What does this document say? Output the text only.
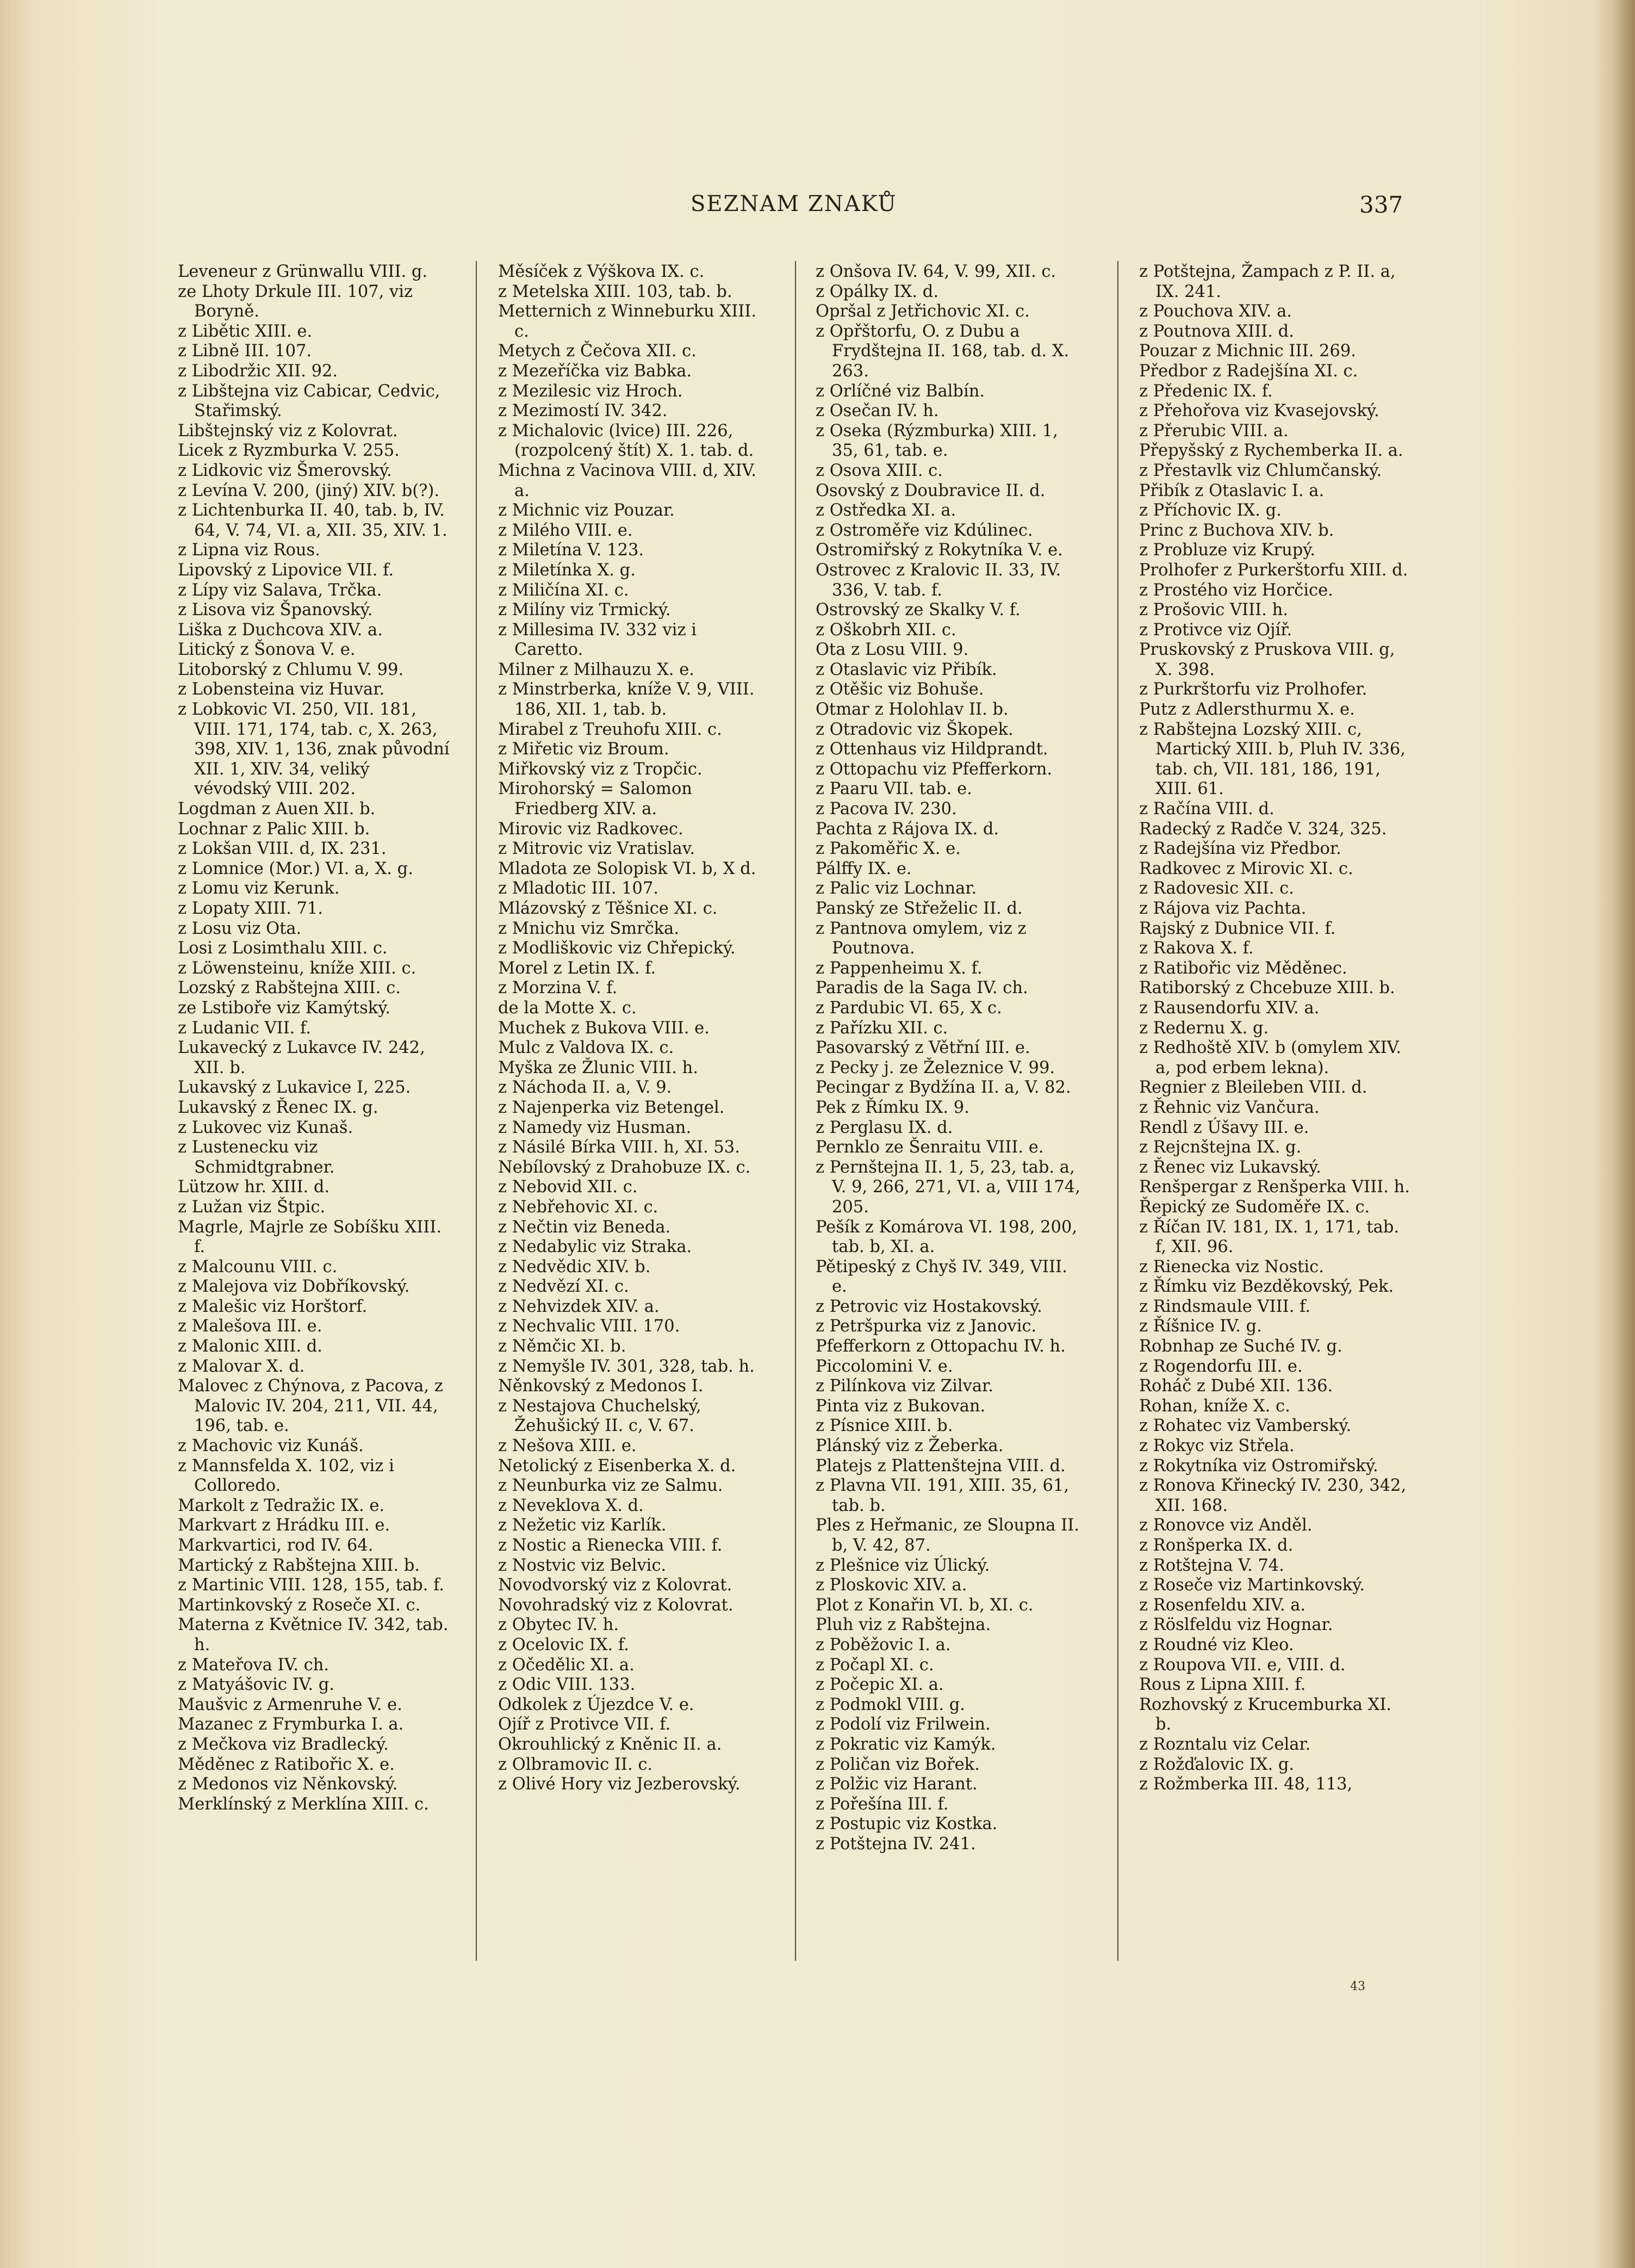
SEZNAM ZNAKŮ	337

Leveneur z Grünwallu VIII. g.

ze Lhoty Drkule III. 107, viz Boryně.

z Libětic XIII. e.

z Libně III. 107.

z Libodržic XII. 92.

z Libštejna viz Cabicar, Cedvic, Stařimský.

Libštejnský viz z Kolovrat.

Licek z Ryzmburka V. 255.

z Lidkovic viz Šmerovský.

z Levína V. 200, (jiný) XIV. b(?).

z Lichtenburka II. 40, tab. b, IV. 64, V. 74, VI. a, XII. 35, XIV. 1.

z Lipna viz Rous.

Lipovský z Lipovice VII. f.

z Lípy viz Salava, Trčka.

z Lisova viz Španovský.

Liška z Duchcova XIV. a.

Litický z Šonova V. e.

Litoborský z Chlumu V. 99.

z Lobensteina viz Huvar.

z Lobkovic VI. 250, VII. 181, VIII. 171, 174, tab. c, X. 263, 398, XIV. 1, 136, znak původní XII. 1, XIV. 34, veliký vévodský VIII. 202.

Logdman z Auen XII. b.

Lochnar z Palic XIII. b.

z Lokšan VIII. d, IX. 231.

z Lomnice (Mor.) VI. a, X. g.

z Lomu viz Kerunk.

z Lopaty XIII. 71.

z Losu viz Ota.

Losi z Losimthalu XIII. c.

z Löwensteinu, kníže XIII. c.

Lozský z Rabštejna XIII. c.

ze Lstiboře viz Kamýtský.

z Ludanic VII. f.

Lukavecký z Lukavce IV. 242, XII. b.

Lukavský z Lukavice I, 225.

Lukavský z Řenec IX. g.

z Lukovec viz Kunaš.

z Lustenecku viz Schmidtgrabner.

Lützow hr. XIII. d.

z Lužan viz Štpic.

Magrle, Majrle ze Sobíšku XIII. f.

z Malcounu VIII. c.

z Malejova viz Dobříkovský.

z Malešic viz Horštorf.

z Malešova III. e.

z Malonic XIII. d.

z Malovar X. d.

Malovec z Chýnova, z Pacova, z Malovic IV. 204, 211, VII. 44, 196, tab. e.

z Machovic viz Kunáš.

z Mannsfelda X. 102, viz i Colloredo.

Markolt z Tedražic IX. e.

Markvart z Hrádku III. e.

Markvartici, rod IV. 64.

Martický z Rabštejna XIII. b.

z Martinic VIII. 128, 155, tab. f.

Martinkovský z Roseče XI. c.

Materna z Květnice IV. 342, tab. h.

z Mateřova IV. ch.

z Matyášovic IV. g.

Maušvic z Armenruhe V. e.

Mazanec z Frymburka I. a.

z Mečkova viz Bradlecký.

Měděnec z Ratibořic X. e.

z Medonos viz Něnkovský.

Merklínský z Merklína XIII. c.

Měsíček z Výškova IX. c.

z Metelska XIII. 103, tab. b.

Metternich z Winneburku XIII. c.

Metych z Čečova XII. c.

z Mezeříčka viz Babka.

z Mezilesic viz Hroch.

z Mezimostí IV. 342.

z Michalovic (lvice) III. 226, (rozpolcený štít) X. 1. tab. d.

Michna z Vacinova VIII. d, XIV. a.

z Michnic viz Pouzar.

z Milého VIII. e.

z Miletína V. 123.

z Miletínka X. g.

z Miličína XI. c.

z Milíny viz Trmický.

z Millesima IV. 332 viz i Caretto.

Milner z Milhauzu X. e.

z Minstrberka, kníže V. 9, VIII. 186, XII. 1, tab. b.

Mirabel z Treuhofu XIII. c.

z Miřetic viz Broum.

Miřkovský viz z Tropčic.

Mirohorský = Salomon Friedberg XIV. a.

Mirovic viz Radkovec.

z Mitrovic viz Vratislav.

Mladota ze Solopisk VI. b, X d.

z Mladotic III. 107.

Mlázovský z Těšnice XI. c.

z Mnichu viz Smrčka.

z Modliškovic viz Chřepický.

Morel z Letin IX. f.

z Morzina V. f.

de la Motte X. c.

Muchek z Bukova VIII. e.

Mulc z Valdova IX. c.

Myška ze Žlunic VIII. h.

z Náchoda II. a, V. 9.

z Najenperka viz Betengel.

z Namedy viz Husman.

z Násilé Bírka VIII. h, XI. 53.

Nebílovský z Drahobuze IX. c.

z Nebovid XII. c.

z Nebřehovic XI. c.

z Nečtin viz Beneda.

z Nedabylic viz Straka.

z Nedvědic XIV. b.

z Nedvězí XI. c.

z Nehvizdek XIV. a.

z Nechvalic VIII. 170.

z Němčic XI. b.

z Nemyšle IV. 301, 328, tab. h.

Něnkovský z Medonos I.

z Nestajova Chuchelský, Žehušický II. c, V. 67.

z Nešova XIII. e.

Netolický z Eisenberka X. d.

z Neunburka viz ze Salmu.

z Neveklova X. d.

z Nežetic viz Karlík.

z Nostic a Rienecka VIII. f.

z Nostvic viz Belvic.

Novodvorský viz z Kolovrat.

Novohradský viz z Kolovrat.

z Obytec IV. h.

z Ocelovic IX. f.

z Očedělic XI. a.

z Odic VIII. 133.

Odkolek z Újezdce V. e.

Ojíř z Protivce VII. f.

Okrouhlický z Kněnic II. a.

z Olbramovic II. c.

z Olivé Hory viz Jezberovský.

z Onšova IV. 64, V. 99, XII. c.

z Opálky IX. d.

Opršal z Jetřichovic XI. c.

z Opřštorfu, O. z Dubu a Frydštejna II. 168, tab. d. X. 263.

z Orlíčné viz Balbín.

z Osečan IV. h.

z Oseka (Rýzmburka) XIII. 1, 35, 61, tab. e.

z Osova XIII. c.

Osovský z Doubravice II. d.

z Ostředka XI. a.

z Ostroměře viz Kdúlinec.

Ostromiřský z Rokytníka V. e.

Ostrovec z Kralovic II. 33, IV. 336, V. tab. f.

Ostrovský ze Skalky V. f.

z Oškobrh XII. c.

Ota z Losu VIII. 9.

z Otaslavic viz Přibík.

z Otěšic viz Bohuše.

Otmar z Holohlav II. b.

z Otradovic viz Škopek.

z Ottenhaus viz Hildprandt.

z Ottopachu viz Pfefferkorn.

z Paaru VII. tab. e.

z Pacova IV. 230.

Pachta z Rájova IX. d.

z Pakoměřic X. e.

Pálffy IX. e.

z Palic viz Lochnar.

Panský ze Střeželic II. d.

z Pantnova omylem, viz z Poutnova.

z Pappenheimu X. f.

Paradis de la Saga IV. ch.

z Pardubic VI. 65, X c.

z Pařízku XII. c.

Pasovarský z Větřní III. e.

z Pecky j. ze Železnice V. 99.

Pecingar z Bydžína II. a, V. 82.

Pek z Římku IX. 9.

z Perglasu IX. d.

Pernklo ze Šenraitu VIII. e.

z Pernštejna II. 1, 5, 23, tab. a, V. 9, 266, 271, VI. a, VIII 174, 205.

Pešík z Komárova VI. 198, 200, tab. b, XI. a.

Pětipeský z Chyš IV. 349, VIII. e.

z Petrovic viz Hostakovský.

z Petršpurka viz z Janovic.

Pfefferkorn z Ottopachu IV. h.

Piccolomini V. e.

z Pilínkova viz Zilvar.

Pinta viz z Bukovan.

z Písnice XIII. b.

Plánský viz z Žeberka.

Platejs z Plattenštejna VIII. d.

z Plavna VII. 191, XIII. 35, 61, tab. b.

Ples z Heřmanic, ze Sloupna II. b, V. 42, 87.

z Plešnice viz Úlický.

z Ploskovic XIV. a.

Plot z Konařin VI. b, XI. c.

Pluh viz z Rabštejna.

z Poběžovic I. a.

z Počapl XI. c.

z Počepic XI. a.

z Podmokl VIII. g.

z Podolí viz Frilwein.

z Pokratic viz Kamýk.

z Poličan viz Bořek.

z Polžic viz Harant.

z Pořešína III. f.

z Postupic viz Kostka.

z Potštejna IV. 241.

z Potštejna, Žampach z P. II. a, IX. 241.

z Pouchova XIV. a.

z Poutnova XIII. d.

Pouzar z Michnic III. 269.

Předbor z Radejšína XI. c.

z Předenic IX. f.

z Přehořova viz Kvasejovský.

z Přerubic VIII. a.

Přepyšský z Rychemberka II. a.

z Přestavlk viz Chlumčanský.

Přibík z Otaslavic I. a.

z Příchovic IX. g.

Princ z Buchova XIV. b.

z Probluze viz Krupý.

Prolhofer z Purkerštorfu XIII. d.

z Prostého viz Horčice.

z Prošovic VIII. h.

z Protivce viz Ojíř.

Pruskovský z Pruskova VIII. g, X. 398.

z Purkrštorfu viz Prolhofer.

Putz z Adlersthurmu X. e.

z Rabštejna Lozský XIII. c, Martický XIII. b, Pluh IV. 336, tab. ch, VII. 181, 186, 191, XIII. 61.

z Račína VIII. d.

Radecký z Radče V. 324, 325.

z Radejšína viz Předbor.

Radkovec z Mirovic XI. c.

z Radovesic XII. c.

z Rájova viz Pachta.

Rajský z Dubnice VII. f.

z Rakova X. f.

z Ratibořic viz Měděnec.

Ratiborský z Chcebuze XIII. b.

z Rausendorfu XIV. a.

z Redernu X. g.

z Redhoště XIV. b (omylem XIV. a, pod erbem lekna).

Regnier z Bleileben VIII. d.

z Řehnic viz Vančura.

Rendl z Úšavy III. e.

z Rejcnštejna IX. g.

z Řenec viz Lukavský.

Renšpergar z Renšperka VIII. h.

Řepický ze Sudoměře IX. c.

z Říčan IV. 181, IX. 1, 171, tab. f, XII. 96.

z Rienecka viz Nostic.

z Římku viz Bezděkovský, Pek.

z Rindsmaule VIII. f.

z Říšnice IV. g.

Robnhap ze Suché IV. g.

z Rogendorfu III. e.

Roháč z Dubé XII. 136.

Rohan, kníže X. c.

z Rohatec viz Vamberský.

z Rokyc viz Střela.

z Rokytníka viz Ostromiřský.

z Ronova Křinecký IV. 230, 342, XII. 168.

z Ronovce viz Anděl.

z Ronšperka IX. d.

z Rotštejna V. 74.

z Roseče viz Martinkovský.

z Rosenfeldu XIV. a.

z Röslfeldu viz Hognar.

z Roudné viz Kleo.

z Roupova VII. e, VIII. d.

Rous z Lipna XIII. f.

Rozhovský z Krucemburka XI. b.

z Rozntalu viz Celar.

z Rožďalovic IX. g.

z Rožmberka III. 48, 113,

43
